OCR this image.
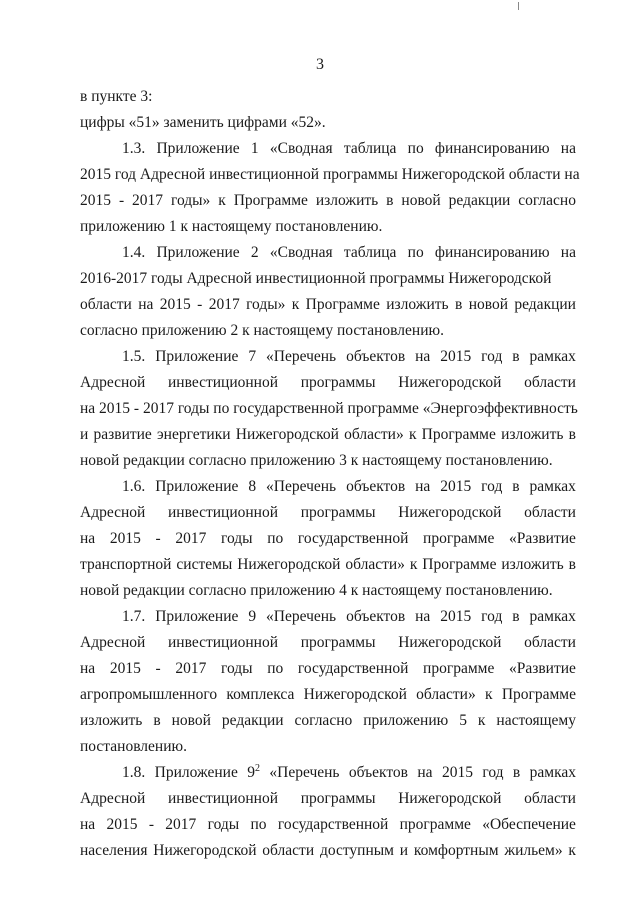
3

в пункте 3:

цифры «51» заменить цифрами «52».

1.3. Приложение 1 «Сводная таблица по финансированию на

2015 год Адресной инвестиционной программы Нижегородской области на

2015 - 2017 годы» к Программе изложить в новой редакции согласно

приложению 1 к настоящему постановлению.

1.4. Приложение 2 «Сводная таблица по финансированию на

2016-2017 годы Адресной инвестиционной программы Нижегородской

области на 2015 - 2017 годы» к Программе изложить в новой редакции

согласно приложению 2 к настоящему постановлению.

1.5. Приложение 7 «Перечень объектов на 2015 год в рамках
Адресной инвестиционной программы Нижегородской области

на 2015 - 2017 годы по государственной программе «Энергоэффективность

и развитие энергетики Нижегородской области» к Программе изложить в

новой редакции согласно приложению 3 к настоящему постановлению.

1.6. Приложение 8 «Перечень объектов на 2015 год в рамках
Адресной инвестиционной программы Нижегородской области
на 2015 - 2017 годы по государственной программе «Развитие
транспортной системы Нижегородской области» к Программе изложить в

новой редакции согласно приложению 4 к настоящему постановлению.

1.7. Приложение 9 «Перечень объектов на 2015 год в рамках
Адресной инвестиционной программы Нижегородской области
на 2015 - 2017 годы по государственной программе «Развитие
агропромышленного комплекса Нижегородской области» к Программе
изложить в новой редакции согласно приложению 5 к настоящему

постановлению.

1.8. Приложение $9^2$ «Перечень объектов на 2015 год в рамках
Адресной инвестиционной программы Нижегородской области
на 2015 - 2017 годы по государственной программе «Обеспечение
населения Нижегородской области доступным и комфортным жильем» к
